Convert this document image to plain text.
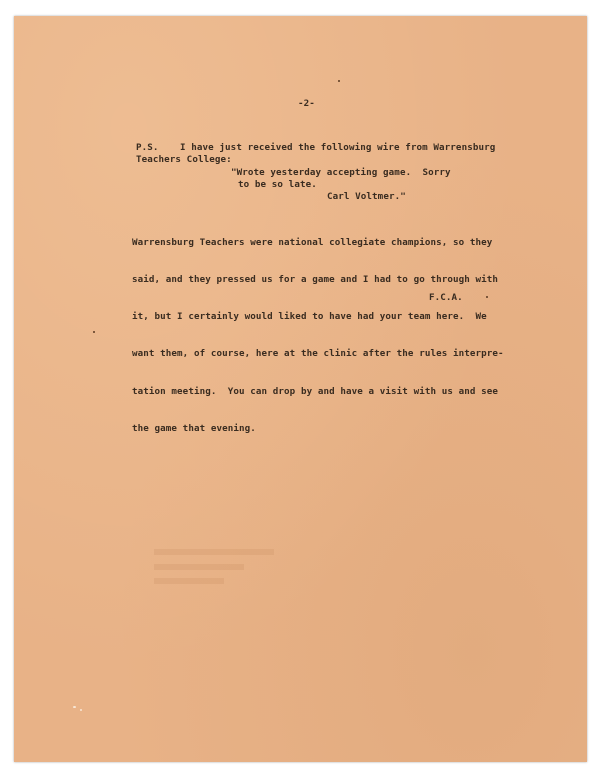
-2-
P.S. I have just received the following wire from Warrensburg
Teachers College:
"Wrote yesterday accepting game.  Sorry
to be so late.
Carl Voltmer."

Warrensburg Teachers were national collegiate champions, so they

said, and they pressed us for a game and I had to go through with

it, but I certainly would liked to have had your team here.  We

want them, of course, here at the clinic after the rules interpre-

tation meeting.  You can drop by and have a visit with us and see

the game that evening.

F.C.A.
